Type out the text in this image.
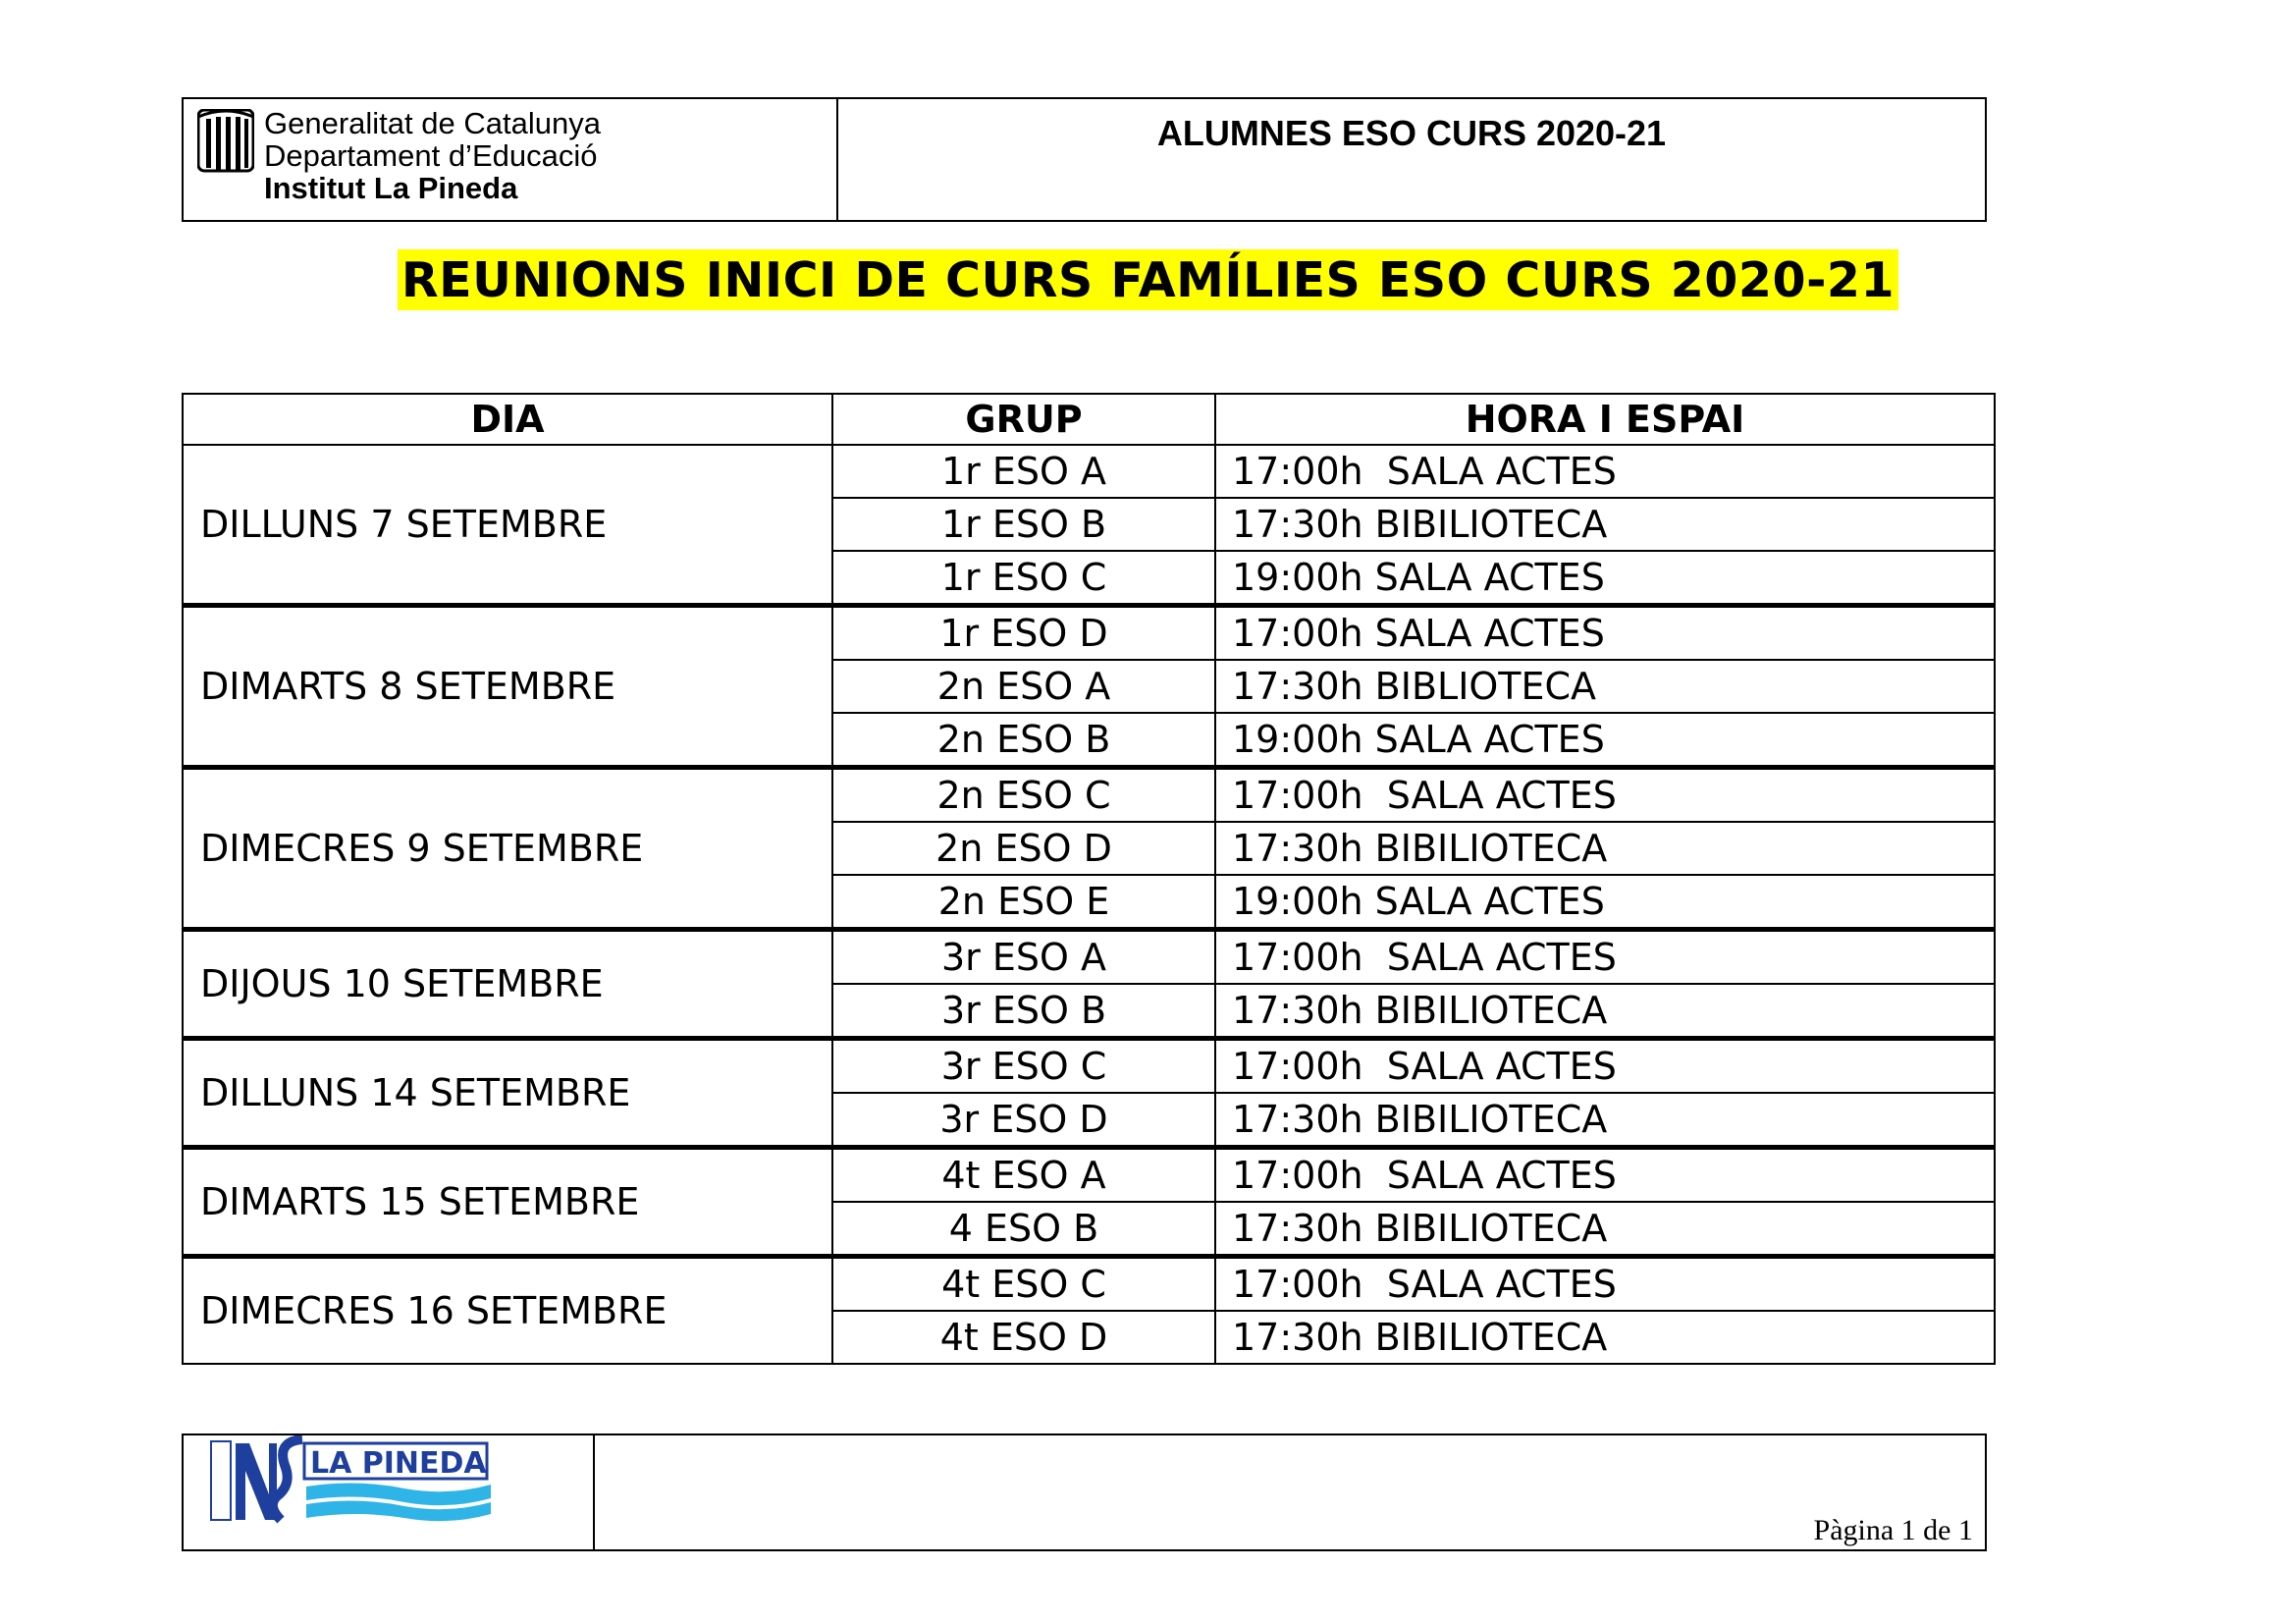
Generalitat de Catalunya
Departament d’Educació
Institut La Pineda
ALUMNES ESO CURS 2020-21
REUNIONS INICI DE CURS FAMÍLIES ESO CURS 2020-21
DIA	GRUP	HORA I ESPAI
DILLUNS 7 SETEMBRE	1r ESO A	17:00h  SALA ACTES
	1r ESO B	17:30h BIBILIOTECA
	1r ESO C	19:00h SALA ACTES
DIMARTS 8 SETEMBRE	1r ESO D	17:00h SALA ACTES
	2n ESO A	17:30h BIBLIOTECA
	2n ESO B	19:00h SALA ACTES
DIMECRES 9 SETEMBRE	2n ESO C	17:00h  SALA ACTES
	2n ESO D	17:30h BIBILIOTECA
	2n ESO E	19:00h SALA ACTES
DIJOUS 10 SETEMBRE	3r ESO A	17:00h  SALA ACTES
	3r ESO B	17:30h BIBILIOTECA
DILLUNS 14 SETEMBRE	3r ESO C	17:00h  SALA ACTES
	3r ESO D	17:30h BIBILIOTECA
DIMARTS 15 SETEMBRE	4t ESO A	17:00h  SALA ACTES
	4 ESO B	17:30h BIBILIOTECA
DIMECRES 16 SETEMBRE	4t ESO C	17:00h  SALA ACTES
	4t ESO D	17:30h BIBILIOTECA
LA PINEDA
Pàgina 1 de 1
